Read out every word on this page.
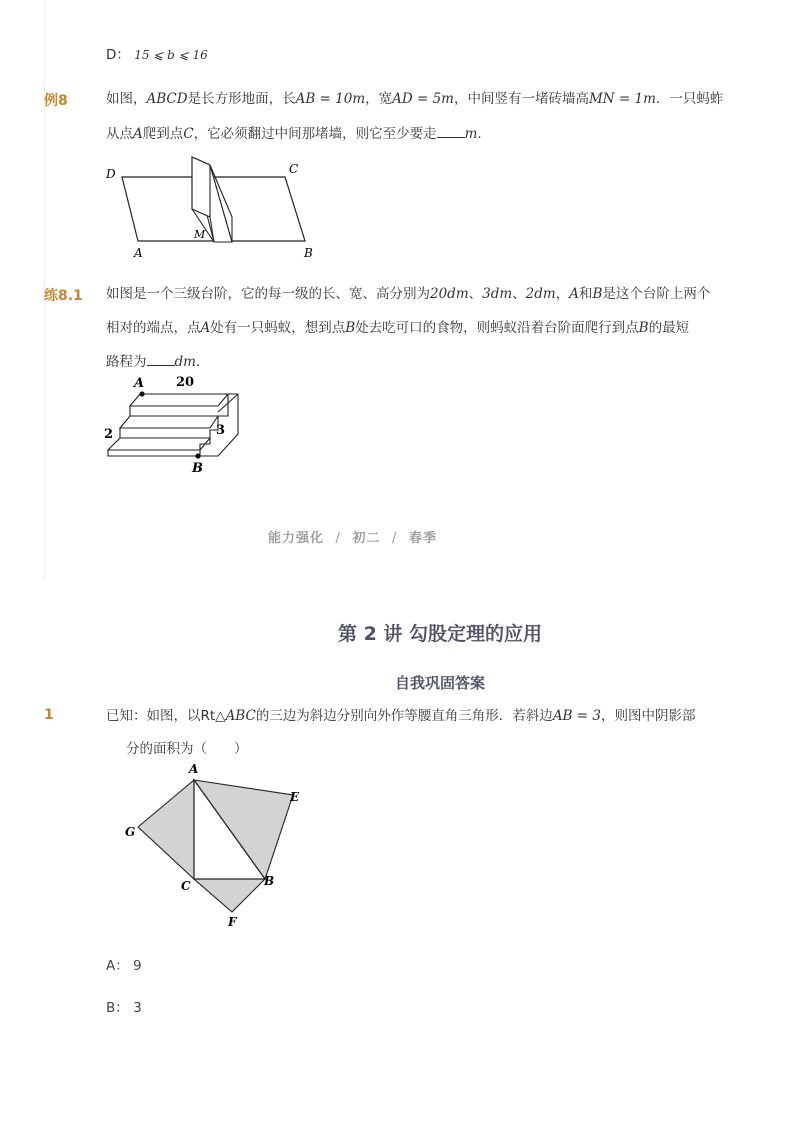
D： 15 ⩽ b ⩽ 16
例8	如图，ABCD是长方形地面，长AB = 10m，宽AD = 5m，中间竖有一堵砖墙高MN = 1m．一只蚂蚱
从点A爬到点C，它必须翻过中间那堵墙，则它至少要走 m．
D	C
A	B
M
练8.1 如图是一个三级台阶，它的每一级的长、宽、高分别为20dm、3dm、2dm，A和B是这个台阶上两个
相对的端点，点A处有一只蚂蚁，想到点B处去吃可口的食物，则蚂蚁沿着台阶面爬行到点B的最短
路程为 dm．
A 20
2	3
B
能力强化 / 初二 / 春季
第 2 讲 勾股定理的应用
自我巩固答案
1	已知：如图，以Rt△ABC的三边为斜边分别向外作等腰直角三角形．若斜边AB = 3，则图中阴影部
分的面积为（　　）
A
E
G
C	B
F
A： 9
B： 3
